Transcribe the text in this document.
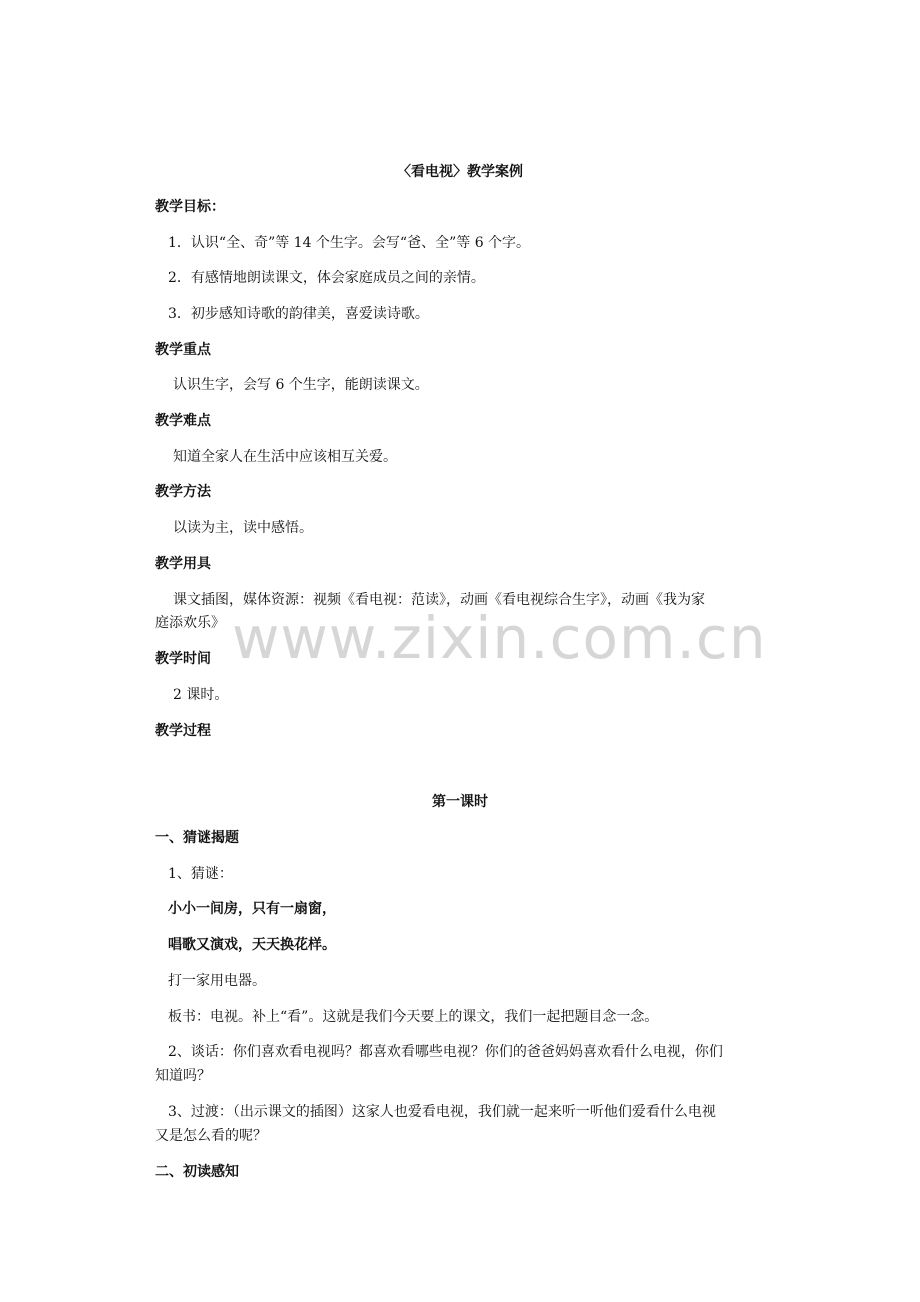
www.zixin.com.cn
〈看电视〉教学案例
教学目标：
1．认识“全、奇”等 14 个生字。会写“爸、全”等 6 个字。
2．有感情地朗读课文，体会家庭成员之间的亲情。
3．初步感知诗歌的韵律美，喜爱读诗歌。
教学重点
认识生字，会写 6 个生字，能朗读课文。
教学难点
知道全家人在生活中应该相互关爱。
教学方法
以读为主，读中感悟。
教学用具
课文插图，媒体资源：视频《看电视：范读》，动画《看电视综合生字》，动画《我为家
庭添欢乐》
教学时间
2 课时。
教学过程
第一课时
一、猜谜揭题
1、猜谜：
小小一间房，只有一扇窗，
唱歌又演戏，天天换花样。
打一家用电器。
板书：电视。补上“看”。这就是我们今天要上的课文，我们一起把题目念一念。
2、谈话：你们喜欢看电视吗？都喜欢看哪些电视？你们的爸爸妈妈喜欢看什么电视，你们
知道吗？
3、过渡：（出示课文的插图）这家人也爱看电视，我们就一起来听一听他们爱看什么电视
又是怎么看的呢？
二、初读感知
